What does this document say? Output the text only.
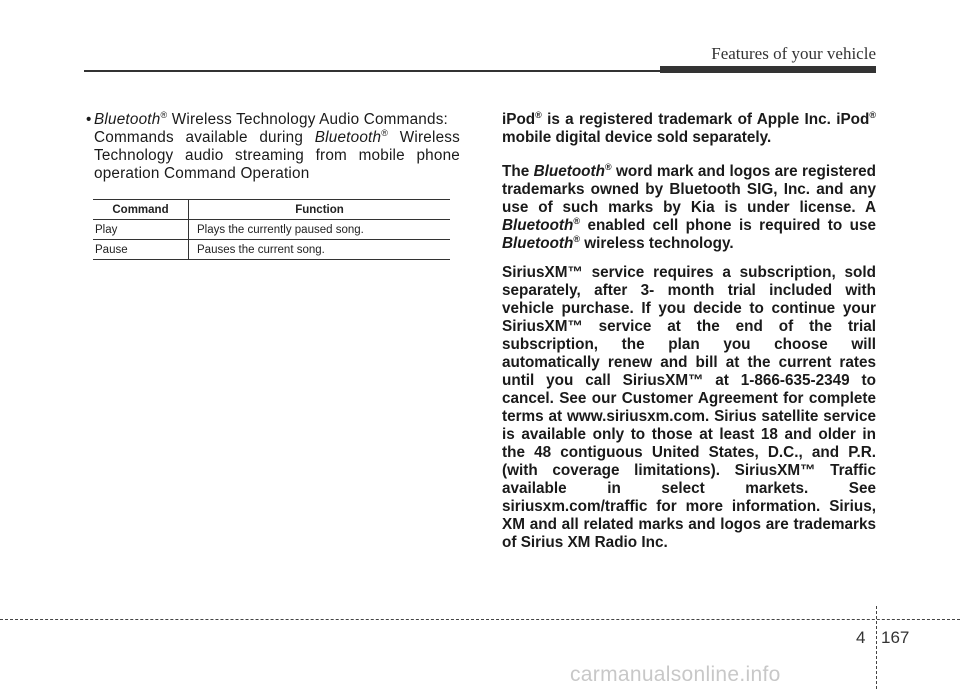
Features of your vehicle
• Bluetooth® Wireless Technology Audio Commands:
Commands available during Bluetooth® Wireless Technology audio streaming from mobile phone operation Command Operation
Command	Function
Play	Plays the currently paused song.
Pause	Pauses the current song.

iPod® is a registered trademark of Apple Inc. iPod® mobile digital device sold separately.

The Bluetooth® word mark and logos are registered trademarks owned by Bluetooth SIG, Inc. and any use of such marks by Kia is under license. A Bluetooth® enabled cell phone is required to use Bluetooth® wireless technology.

SiriusXM™ service requires a subscription, sold separately, after 3- month trial included with vehicle purchase. If you decide to continue your SiriusXM™ service at the end of the trial subscription, the plan you choose will automatically renew and bill at the current rates until you call SiriusXM™ at 1-866-635-2349 to cancel. See our Customer Agreement for complete terms at www.siriusxm.com. Sirius satellite service is available only to those at least 18 and older in the 48 contiguous United States, D.C., and P.R. (with coverage limitations). SiriusXM™ Traffic available in select markets. See siriusxm.com/traffic for more information. Sirius, XM and all related marks and logos are trademarks of Sirius XM Radio Inc.

4 167
carmanualsonline.info
